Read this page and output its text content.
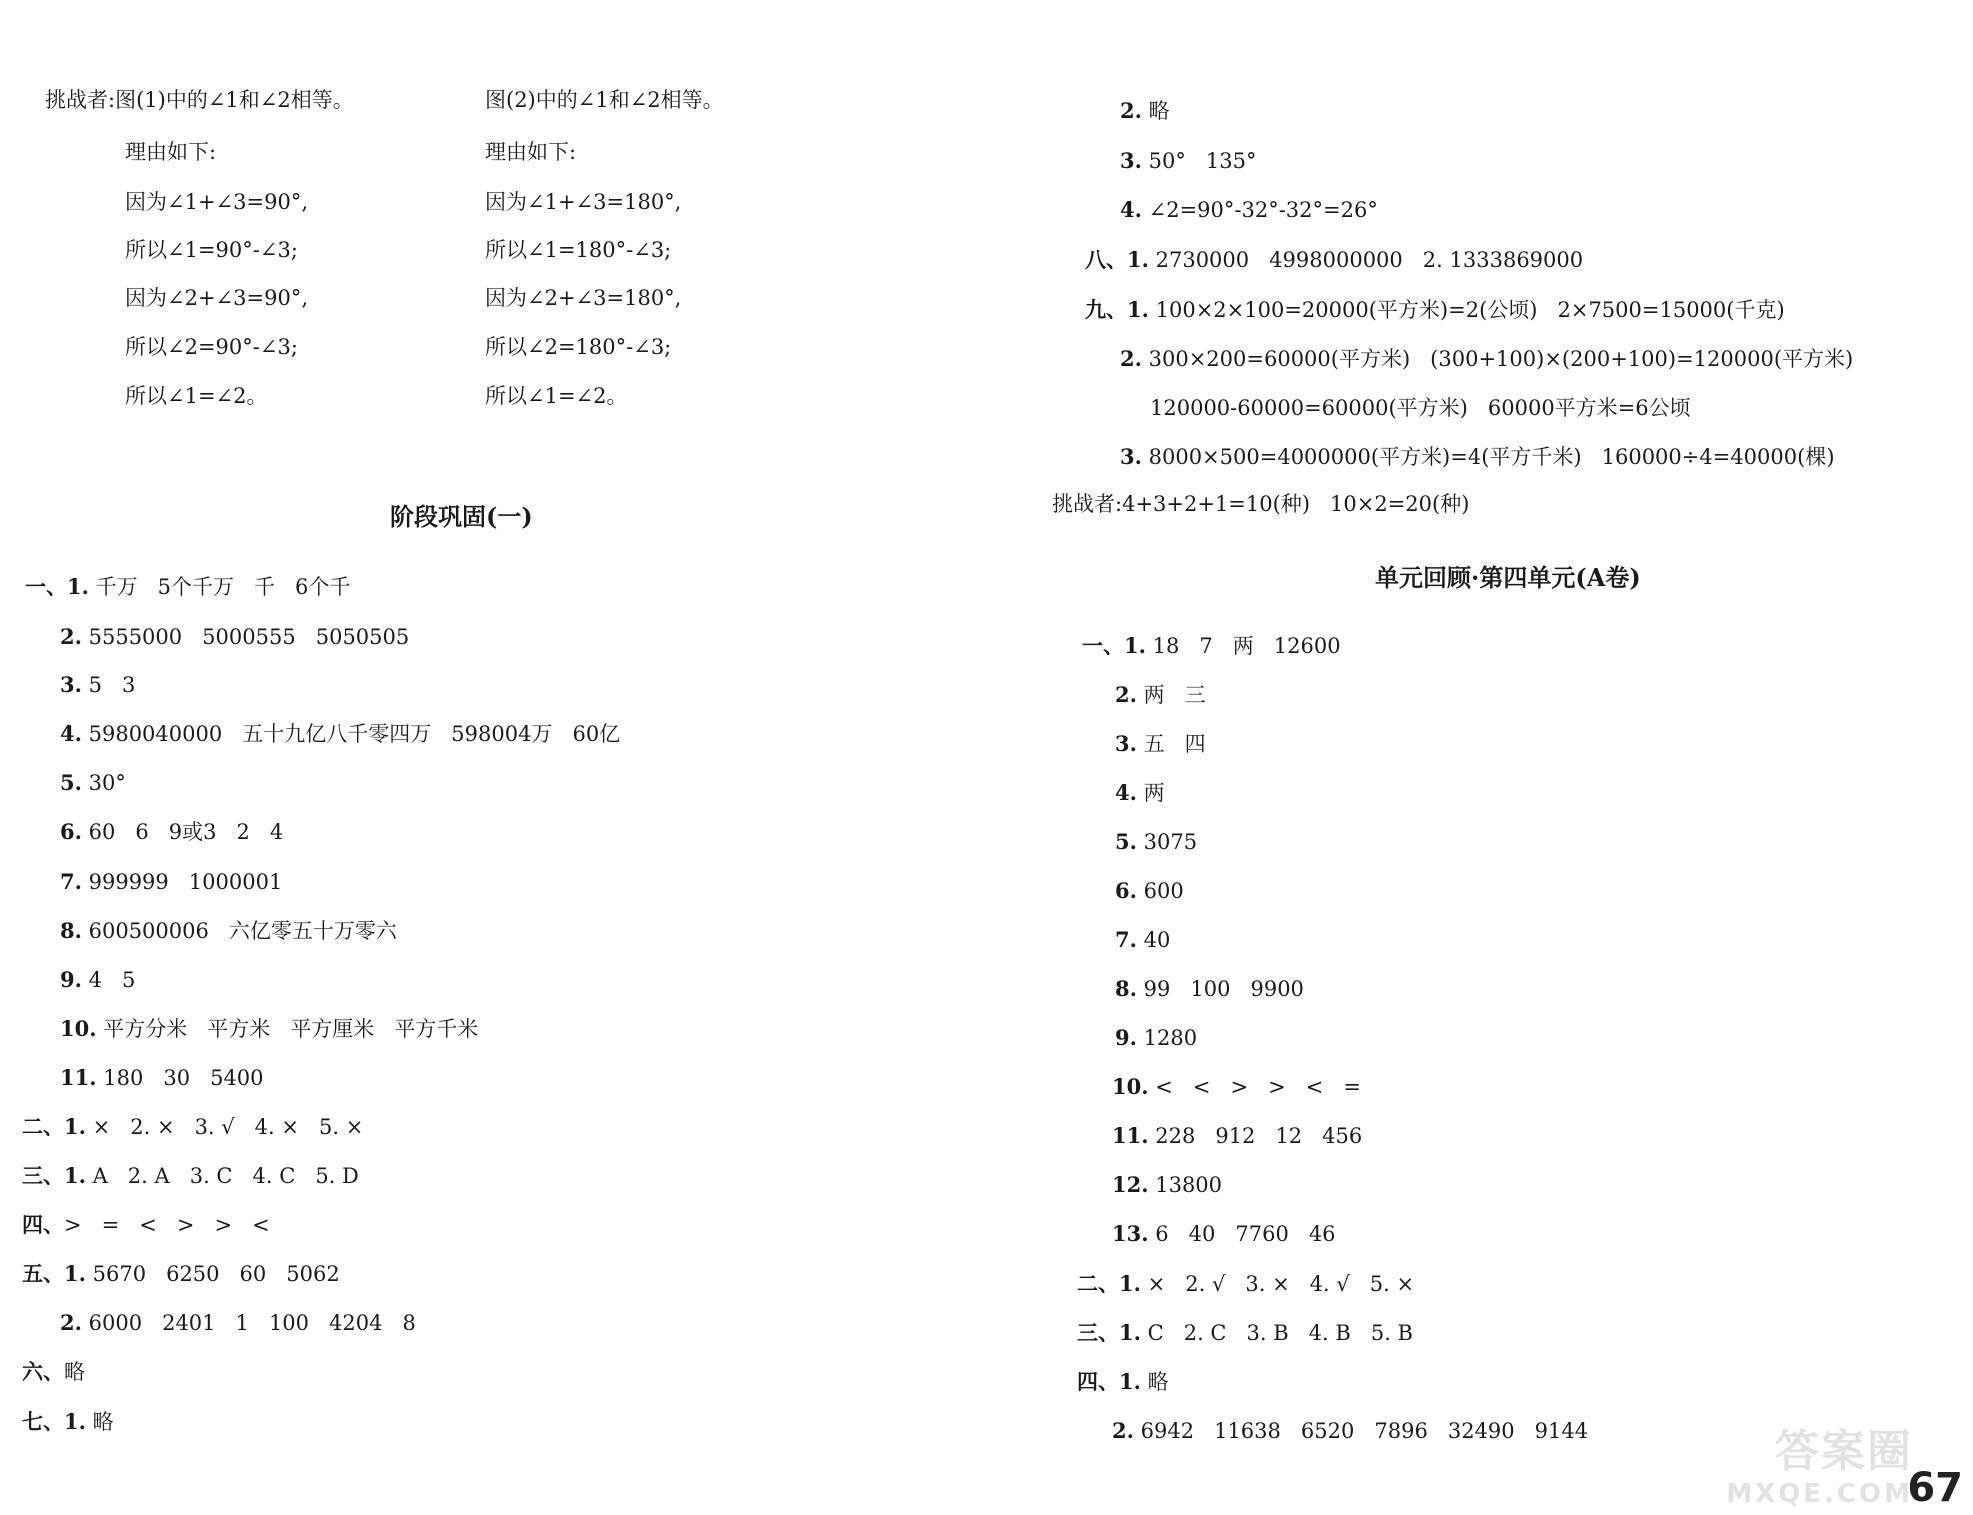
挑战者:图(1)中的∠1和∠2相等。	图(2)中的∠1和∠2相等。
理由如下:
因为∠1+∠3=90°,
所以∠1=90°-∠3;
因为∠2+∠3=90°,
所以∠2=90°-∠3;
所以∠1=∠2。
理由如下:
因为∠1+∠3=180°,
所以∠1=180°-∠3;
因为∠2+∠3=180°,
所以∠2=180°-∠3;
所以∠1=∠2。
阶段巩固(一)
一、1. 千万   5个千万   千   6个千
2. 5555000   5000555   5050505
3. 5   3
4. 5980040000   五十九亿八千零四万   598004万   60亿
5. 30°
6. 60   6   9或3   2   4
7. 999999   1000001
8. 600500006   六亿零五十万零六
9. 4   5
10. 平方分米   平方米   平方厘米   平方千米
11. 180   30   5400
二、1. ×   2. ×   3. √   4. ×   5. ×
三、1. A   2. A   3. C   4. C   5. D
四、>   =   <   >   >   <
五、1. 5670   6250   60   5062
2. 6000   2401   1   100   4204   8
六、略
七、1. 略
2. 略
3. 50°   135°
4. ∠2=90°-32°-32°=26°
八、1. 2730000   4998000000   2. 1333869000
九、1. 100×2×100=20000(平方米)=2(公顷)   2×7500=15000(千克)
2. 300×200=60000(平方米)   (300+100)×(200+100)=120000(平方米)
120000-60000=60000(平方米)   60000平方米=6公顷
3. 8000×500=4000000(平方米)=4(平方千米)   160000÷4=40000(棵)
挑战者:4+3+2+1=10(种)   10×2=20(种)
单元回顾·第四单元(A卷)
一、1. 18   7   两   12600
2. 两   三
3. 五   四
4. 两
5. 3075
6. 600
7. 40
8. 99   100   9900
9. 1280
10. <   <   >   >   <   =
11. 228   912   12   456
12. 13800
13. 6   40   7760   46
二、1. ×   2. √   3. ×   4. √   5. ×
三、1. C   2. C   3. B   4. B   5. B
四、1. 略
2. 6942   11638   6520   7896   32490   9144	答案圈
MXQE.COM
67
